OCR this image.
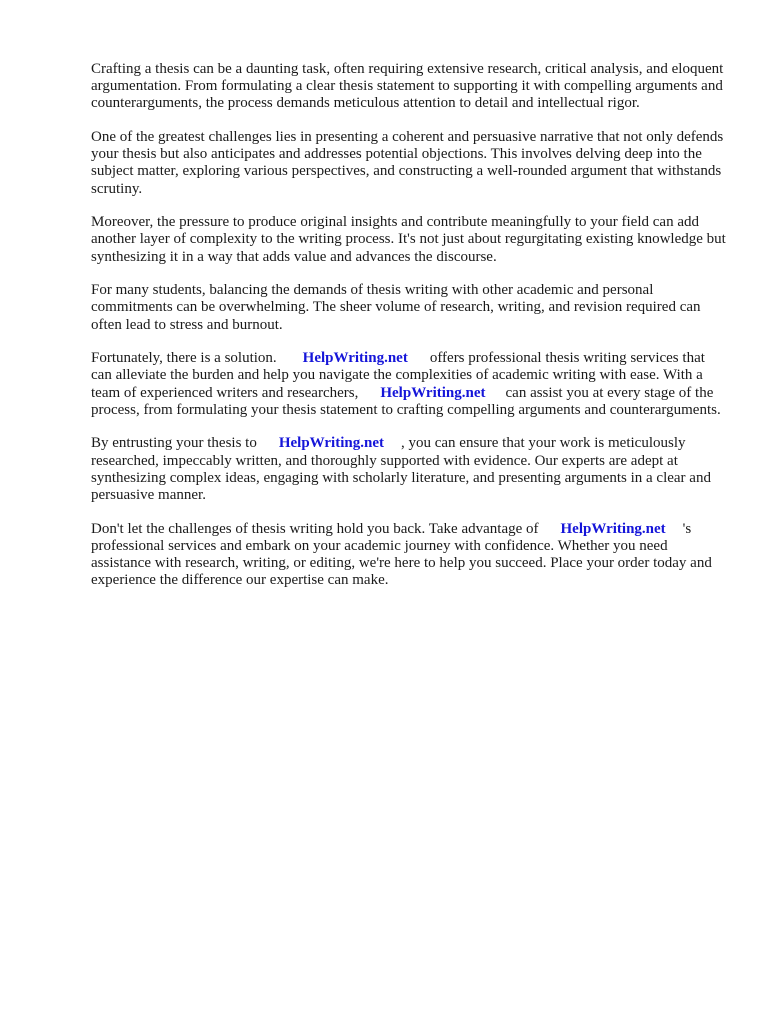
Crafting a thesis can be a daunting task, often requiring extensive research, critical analysis, and eloquent argumentation. From formulating a clear thesis statement to supporting it with compelling arguments and counterarguments, the process demands meticulous attention to detail and intellectual rigor.

One of the greatest challenges lies in presenting a coherent and persuasive narrative that not only defends your thesis but also anticipates and addresses potential objections. This involves delving deep into the subject matter, exploring various perspectives, and constructing a well-rounded argument that withstands scrutiny.

Moreover, the pressure to produce original insights and contribute meaningfully to your field can add another layer of complexity to the writing process. It's not just about regurgitating existing knowledge but synthesizing it in a way that adds value and advances the discourse.

For many students, balancing the demands of thesis writing with other academic and personal commitments can be overwhelming. The sheer volume of research, writing, and revision required can often lead to stress and burnout.

Fortunately, there is a solution. HelpWriting.net offers professional thesis writing services that can alleviate the burden and help you navigate the complexities of academic writing with ease. With a team of experienced writers and researchers, HelpWriting.net can assist you at every stage of the process, from formulating your thesis statement to crafting compelling arguments and counterarguments.

By entrusting your thesis to HelpWriting.net , you can ensure that your work is meticulously researched, impeccably written, and thoroughly supported with evidence. Our experts are adept at synthesizing complex ideas, engaging with scholarly literature, and presenting arguments in a clear and persuasive manner.

Don't let the challenges of thesis writing hold you back. Take advantage of HelpWriting.net 's professional services and embark on your academic journey with confidence. Whether you need assistance with research, writing, or editing, we're here to help you succeed. Place your order today and experience the difference our expertise can make.
